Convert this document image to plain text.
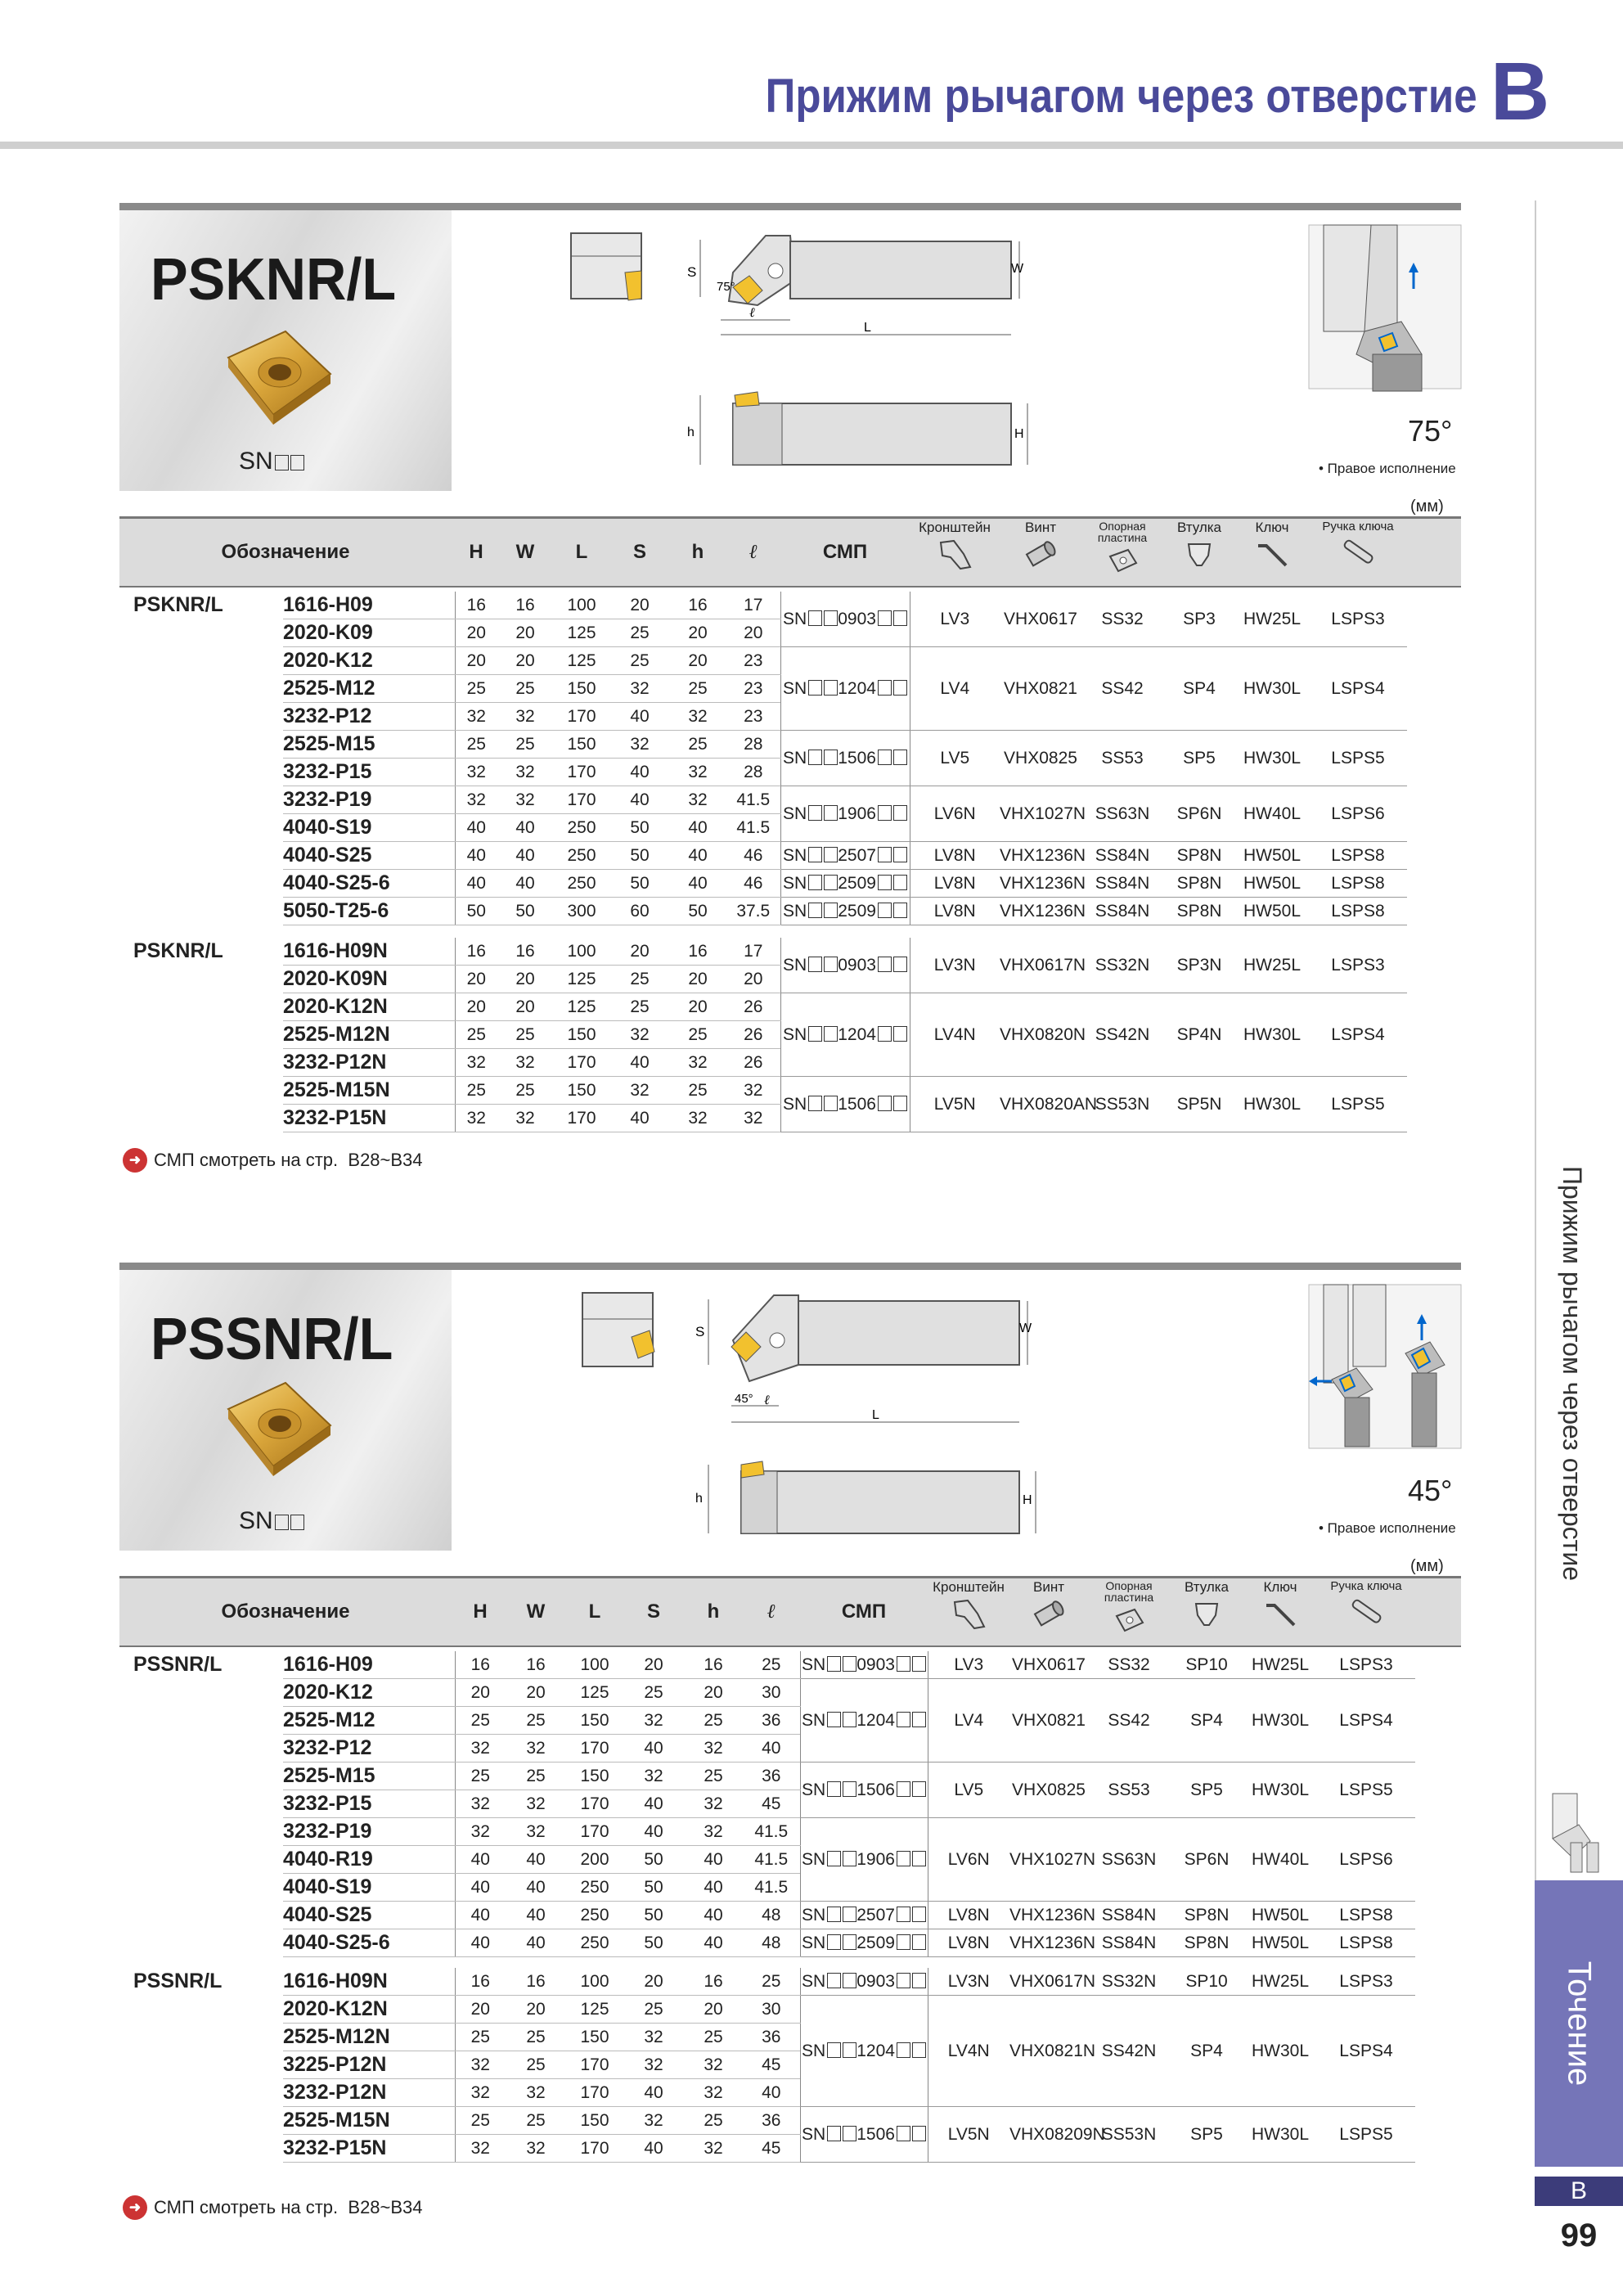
Прижим рычагом через отверстие B
Прижим рычагом через отверстие
Точение
B
99
PSKNR/L
SN
S
75°
W
ℓ
L
h	H	75°
• Правое исполнение
(мм)
Обозначение	H	W	L	S	h	ℓ	СМП
Кронштейн	Винт	Опорная пластина
Втулка	Ключ	Ручка ключа
PSKNR/L	1616-H09	16	16	100	20	16	17	SN 0903	LV3	VHX0617	SS32	SP3	HW25L	LSPS3
	2020-K09	20	20	125	25	20	20							
	2020-K12	20	20	125	25	20	23	SN 1204	LV4	VHX0821	SS42	SP4	HW30L	LSPS4
	2525-M12	25	25	150	32	25	23							
	3232-P12	32	32	170	40	32	23							
	2525-M15	25	25	150	32	25	28	SN 1506	LV5	VHX0825	SS53	SP5	HW30L	LSPS5
	3232-P15	32	32	170	40	32	28							
	3232-P19	32	32	170	40	32	41.5	SN 1906	LV6N	VHX1027N	SS63N	SP6N	HW40L	LSPS6
	4040-S19	40	40	250	50	40	41.5							
	4040-S25	40	40	250	50	40	46	SN 2507	LV8N	VHX1236N	SS84N	SP8N	HW50L	LSPS8
	4040-S25-6	40	40	250	50	40	46	SN 2509	LV8N	VHX1236N	SS84N	SP8N	HW50L	LSPS8
	5050-T25-6	50	50	300	60	50	37.5	SN 2509	LV8N	VHX1236N	SS84N	SP8N	HW50L	LSPS8
PSKNR/L	1616-H09N	16	16	100	20	16	17	SN 0903	LV3N	VHX0617N	SS32N	SP3N	HW25L	LSPS3
	2020-K09N	20	20	125	25	20	20							
	2020-K12N	20	20	125	25	20	26	SN 1204	LV4N	VHX0820N	SS42N	SP4N	HW30L	LSPS4
	2525-M12N	25	25	150	32	25	26							
	3232-P12N	32	32	170	40	32	26							
	2525-M15N	25	25	150	32	25	32	SN 1506	LV5N	VHX0820AN	SS53N	SP5N	HW30L	LSPS5
	3232-P15N	32	32	170	40	32	32							
➜ СМП смотреть на стр.
B28~B34
PSSNR/L
SN
S
45°
W
ℓ
L
h	H	45°
• Правое исполнение
(мм)
Обозначение	H	W	L	S	h	ℓ	СМП
Кронштейн	Винт	Опорная пластина
Втулка	Ключ	Ручка ключа
PSSNR/L	1616-H09	16	16	100	20	16	25	SN 0903	LV3	VHX0617	SS32	SP10	HW25L	LSPS3
	2020-K12	20	20	125	25	20	30	SN 1204	LV4	VHX0821	SS42	SP4	HW30L	LSPS4
	2525-M12	25	25	150	32	25	36							
	3232-P12	32	32	170	40	32	40							
	2525-M15	25	25	150	32	25	36	SN 1506	LV5	VHX0825	SS53	SP5	HW30L	LSPS5
	3232-P15	32	32	170	40	32	45							
	3232-P19	32	32	170	40	32	41.5	SN 1906	LV6N	VHX1027N	SS63N	SP6N	HW40L	LSPS6
	4040-R19	40	40	200	50	40	41.5							
	4040-S19	40	40	250	50	40	41.5							
	4040-S25	40	40	250	50	40	48	SN 2507	LV8N	VHX1236N	SS84N	SP8N	HW50L	LSPS8
	4040-S25-6	40	40	250	50	40	48	SN 2509	LV8N	VHX1236N	SS84N	SP8N	HW50L	LSPS8
PSSNR/L	1616-H09N	16	16	100	20	16	25	SN 0903	LV3N	VHX0617N	SS32N	SP10	HW25L	LSPS3
	2020-K12N	20	20	125	25	20	30	SN 1204	LV4N	VHX0821N	SS42N	SP4	HW30L	LSPS4
	2525-M12N	25	25	150	32	25	36							
	3225-P12N	32	25	170	32	32	45							
	3232-P12N	32	32	170	40	32	40							
	2525-M15N	25	25	150	32	25	36	SN 1506	LV5N	VHX08209N	SS53N	SP5	HW30L	LSPS5
	3232-P15N	32	32	170	40	32	45							
➜ СМП смотреть на стр.
B28~B34
